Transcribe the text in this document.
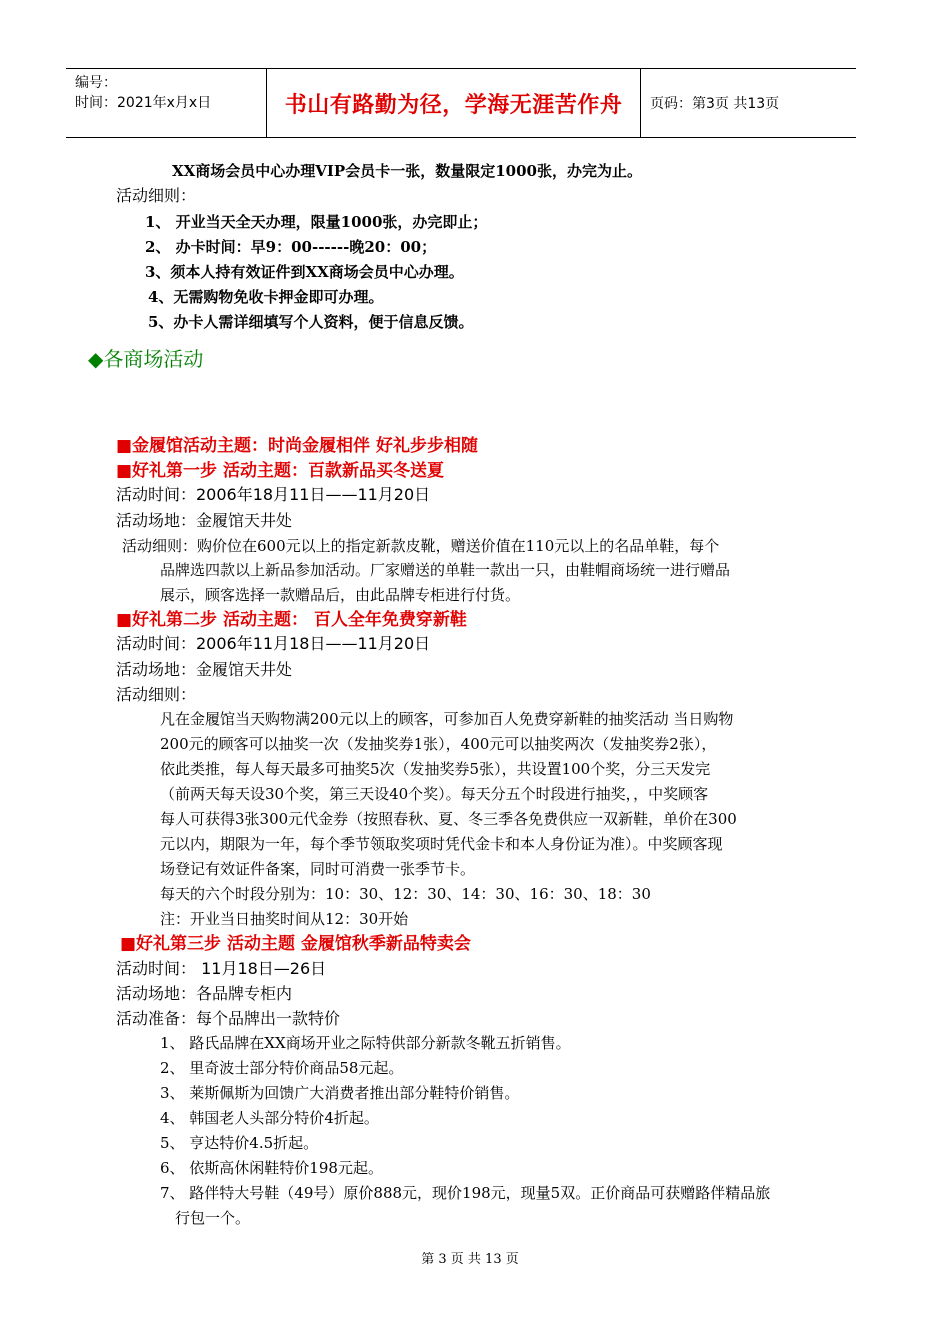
编号：
时间：2021年x月x日	书山有路勤为径，学海无涯苦作舟	页码：第3页 共13页
XX商场会员中心办理VIP会员卡一张，数量限定1000张，办完为止。
活动细则：
1、 开业当天全天办理，限量1000张，办完即止；
2、 办卡时间：早9：00------晚20：00；
3、须本人持有效证件到XX商场会员中心办理。
4、无需购物免收卡押金即可办理。
5、办卡人需详细填写个人资料，便于信息反馈。
◆各商场活动
■金履馆活动主题：时尚金履相伴 好礼步步相随
■好礼第一步 活动主题：百款新品买冬送夏
活动时间：2006年18月11日——11月20日
活动场地：金履馆天井处
活动细则：购价位在600元以上的指定新款皮靴，赠送价值在110元以上的名品单鞋，每个
品牌选四款以上新品参加活动。厂家赠送的单鞋一款出一只，由鞋帽商场统一进行赠品
展示，顾客选择一款赠品后，由此品牌专柜进行付货。
■好礼第二步 活动主题： 百人全年免费穿新鞋
活动时间：2006年11月18日——11月20日
活动场地：金履馆天井处
活动细则：
凡在金履馆当天购物满200元以上的顾客，可参加百人免费穿新鞋的抽奖活动 当日购物
200元的顾客可以抽奖一次（发抽奖券1张），400元可以抽奖两次（发抽奖券2张），
依此类推，每人每天最多可抽奖5次（发抽奖券5张），共设置100个奖，分三天发完
（前两天每天设30个奖，第三天设40个奖）。每天分五个时段进行抽奖，，中奖顾客
每人可获得3张300元代金券（按照春秋、夏、冬三季各免费供应一双新鞋，单价在300
元以内，期限为一年，每个季节领取奖项时凭代金卡和本人身份证为准）。中奖顾客现
场登记有效证件备案，同时可消费一张季节卡。
每天的六个时段分别为：10：30、12：30、14：30、16：30、18：30
注：开业当日抽奖时间从12：30开始
■好礼第三步 活动主题 金履馆秋季新品特卖会
活动时间： 11月18日—26日
活动场地：各品牌专柜内
活动准备：每个品牌出一款特价
1、 路氏品牌在XX商场开业之际特供部分新款冬靴五折销售。
2、 里奇波士部分特价商品58元起。
3、 莱斯佩斯为回馈广大消费者推出部分鞋特价销售。
4、 韩国老人头部分特价4折起。
5、 亨达特价4.5折起。
6、 依斯高休闲鞋特价198元起。
7、 路伴特大号鞋（49号）原价888元，现价198元，现量5双。正价商品可获赠路伴精品旅
行包一个。
第 3 页 共 13 页
